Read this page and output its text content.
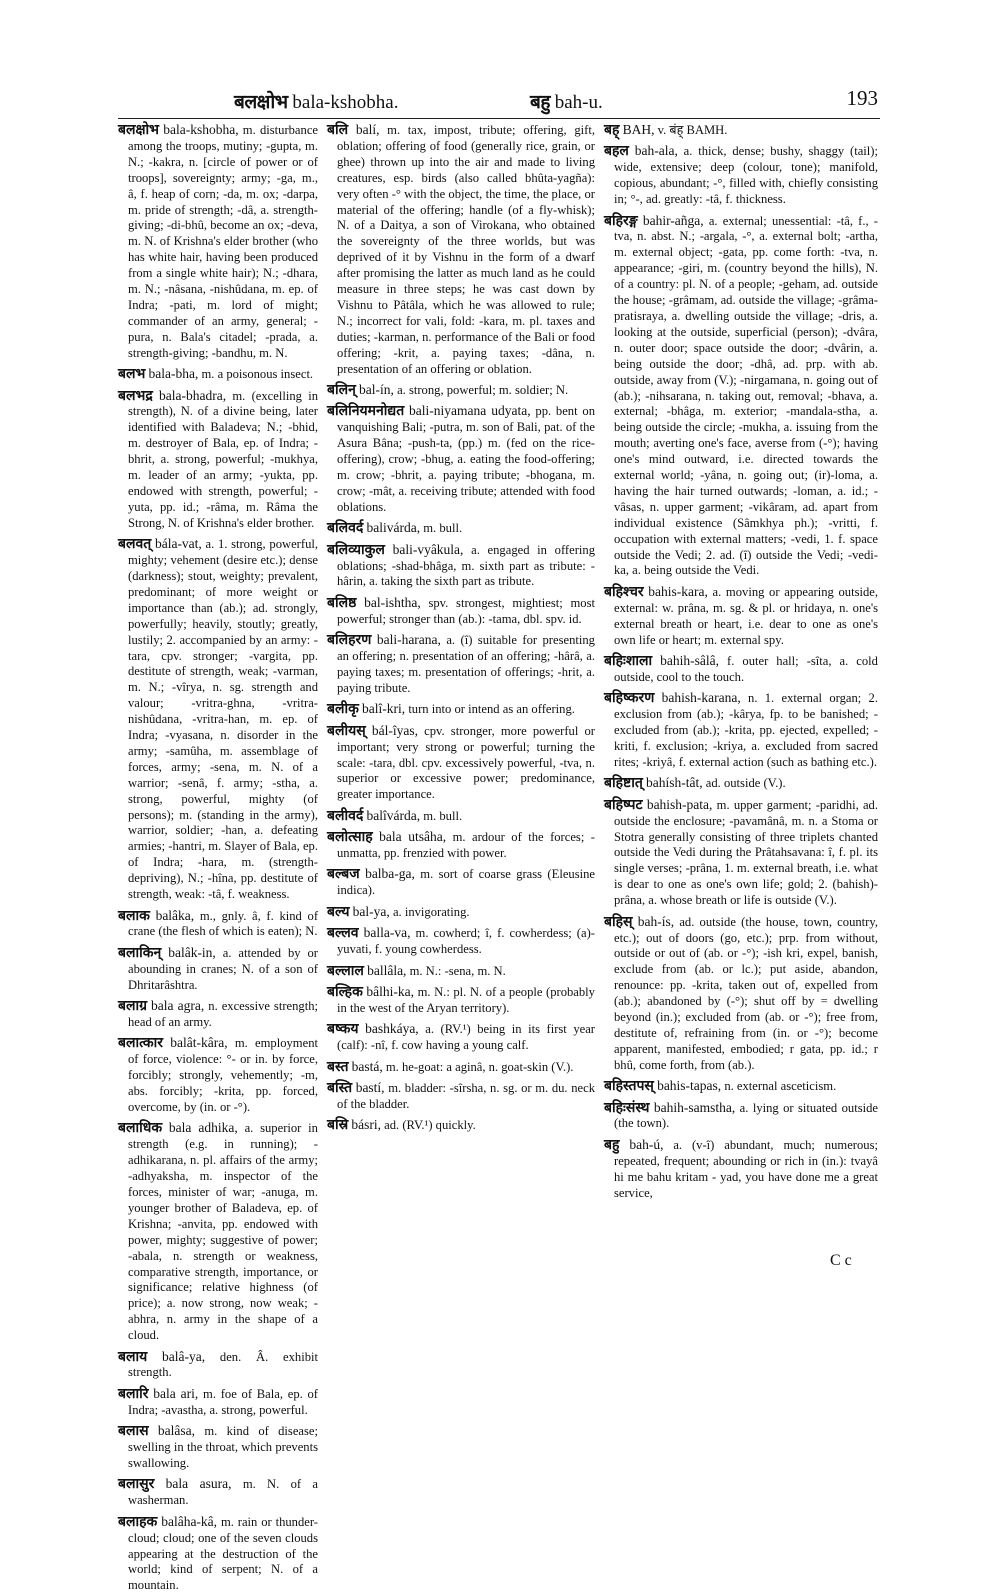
बलक्षोभ bala-kshobha.	बहु bah-u.	193

बलक्षोभ bala-kshobha, m. disturbance among the troops, mutiny; -gupta, m. N.; -kakra, n. [circle of power or of troops], sovereignty; army; -ga, m., â, f. heap of corn; -da, m. ox; -darpa, m. pride of strength; -dâ, a. strength-giving; -di-bhû, become an ox; -deva, m. N. of Krishna's elder brother (who has white hair, having been produced from a single white hair); N.; -dhara, m. N.; -nâsana, -nishûdana, m. ep. of Indra; -pati, m. lord of might; commander of an army, general; -pura, n. Bala's citadel; -prada, a. strength-giving; -bandhu, m. N.

बलभ bala-bha, m. a poisonous insect.

बलभद्र bala-bhadra, m. (excelling in strength), N. of a divine being, later identified with Baladeva; N.; -bhid, m. destroyer of Bala, ep. of Indra; -bhrit, a. strong, powerful; -mukhya, m. leader of an army; -yukta, pp. endowed with strength, powerful; -yuta, pp. id.; -râma, m. Râma the Strong, N. of Krishna's elder brother.

बलवत् bála-vat, a. 1. strong, powerful, mighty; vehement (desire etc.); dense (darkness); stout, weighty; prevalent, predominant; of more weight or importance than (ab.); ad. strongly, powerfully; heavily, stoutly; greatly, lustily; 2. accompanied by an army: -tara, cpv. stronger; -vargita, pp. destitute of strength, weak; -varman, m. N.; -vîrya, n. sg. strength and valour; -vritra-ghna, -vritra-nishûdana, -vritra-han, m. ep. of Indra; -vyasana, n. disorder in the army; -samûha, m. assemblage of forces, army; -sena, m. N. of a warrior; -senâ, f. army; -stha, a. strong, powerful, mighty (of persons); m. (standing in the army), warrior, soldier; -han, a. defeating armies; -hantri, m. Slayer of Bala, ep. of Indra; -hara, m. (strength-depriving), N.; -hîna, pp. destitute of strength, weak: -tâ, f. weakness.

बलाक balâka, m., gnly. â, f. kind of crane (the flesh of which is eaten); N.

बलाकिन् balâk-in, a. attended by or abounding in cranes; N. of a son of Dhritarâshtra.

बलाग्र bala agra, n. excessive strength; head of an army.

बलात्कार balât-kâra, m. employment of force, violence: °- or in. by force, forcibly; strongly, vehemently; -m, abs. forcibly; -krita, pp. forced, overcome, by (in. or -°).

बलाधिक bala adhika, a. superior in strength (e.g. in running); -adhikarana, n. pl. affairs of the army; -adhyaksha, m. inspector of the forces, minister of war; -anuga, m. younger brother of Baladeva, ep. of Krishna; -anvita, pp. endowed with power, mighty; suggestive of power; -abala, n. strength or weakness, comparative strength, importance, or significance; relative highness (of price); a. now strong, now weak; -abhra, n. army in the shape of a cloud.

बलाय balâ-ya, den. Â. exhibit strength.

बलारि bala ari, m. foe of Bala, ep. of Indra; -avastha, a. strong, powerful.

बलास balâsa, m. kind of disease; swelling in the throat, which prevents swallowing.

बलासुर bala asura, m. N. of a washerman.

बलाहक balâha-kâ, m. rain or thunder-cloud; cloud; one of the seven clouds appearing at the destruction of the world; kind of serpent; N. of a mountain.

बलि balí, m. tax, impost, tribute; offering, gift, oblation; offering of food (generally rice, grain, or ghee) thrown up into the air and made to living creatures, esp. birds (also called bhûta-yagña): very often -° with the object, the time, the place, or material of the offering; handle (of a fly-whisk); N. of a Daitya, a son of Virokana, who obtained the sovereignty of the three worlds, but was deprived of it by Vishnu in the form of a dwarf after promising the latter as much land as he could measure in three steps; he was cast down by Vishnu to Pâtâla, which he was allowed to rule; N.; incorrect for vali, fold: -kara, m. pl. taxes and duties; -karman, n. performance of the Bali or food offering; -krit, a. paying taxes; -dâna, n. presentation of an offering or oblation.

बलिन् bal-ín, a. strong, powerful; m. soldier; N.

बलिनियमनोद्यत bali-niyamana udyata, pp. bent on vanquishing Bali; -putra, m. son of Bali, pat. of the Asura Bâna; -push-ta, (pp.) m. (fed on the rice-offering), crow; -bhug, a. eating the food-offering; m. crow; -bhrit, a. paying tribute; -bhogana, m. crow; -mât, a. receiving tribute; attended with food oblations.

बलिवर्द balivárda, m. bull.

बलिव्याकुल bali-vyâkula, a. engaged in offering oblations; -shad-bhâga, m. sixth part as tribute: -hârin, a. taking the sixth part as tribute.

बलिष्ठ bal-ishtha, spv. strongest, mightiest; most powerful; stronger than (ab.): -tama, dbl. spv. id.

बलिहरण bali-harana, a. (î) suitable for presenting an offering; n. presentation of an offering; -hârâ, a. paying taxes; m. presentation of offerings; -hrit, a. paying tribute.

बलीकृ balî-kri, turn into or intend as an offering.

बलीयस् bál-îyas, cpv. stronger, more powerful or important; very strong or powerful; turning the scale: -tara, dbl. cpv. excessively powerful, -tva, n. superior or excessive power; predominance, greater importance.

बलीवर्द balîvárda, m. bull.

बलोत्साह bala utsâha, m. ardour of the forces; -unmatta, pp. frenzied with power.

बल्बज balba-ga, m. sort of coarse grass (Eleusine indica).

बल्य bal-ya, a. invigorating.

बल्लव balla-va, m. cowherd; î, f. cowherdess; (a)-yuvati, f. young cowherdess.

बल्लाल ballâla, m. N.: -sena, m. N.

बल्हिक bâlhi-ka, m. N.: pl. N. of a people (probably in the west of the Aryan territory).

बष्कय bashkáya, a. (RV.¹) being in its first year (calf): -nî, f. cow having a young calf.

बस्त bastá, m. he-goat: a aginâ, n. goat-skin (V.).

बस्ति bastí, m. bladder: -sîrsha, n. sg. or m. du. neck of the bladder.

बस्रि básri, ad. (RV.¹) quickly.

बह् BAH, v. बंह् BAMH.

बहल bah-ala, a. thick, dense; bushy, shaggy (tail); wide, extensive; deep (colour, tone); manifold, copious, abundant; -°, filled with, chiefly consisting in; °-, ad. greatly: -tâ, f. thickness.

बहिरङ्ग bahir-añga, a. external; unessential: -tâ, f., -tva, n. abst. N.; -argala, -°, a. external bolt; -artha, m. external object; -gata, pp. come forth: -tva, n. appearance; -giri, m. (country beyond the hills), N. of a country: pl. N. of a people; -geham, ad. outside the house; -grâmam, ad. outside the village; -grâma-pratisraya, a. dwelling outside the village; -dris, a. looking at the outside, superficial (person); -dvâra, n. outer door; space outside the door; -dvârin, a. being outside the door; -dhâ, ad. prp. with ab. outside, away from (V.); -nirgamana, n. going out of (ab.); -nihsarana, n. taking out, removal; -bhava, a. external; -bhâga, m. exterior; -mandala-stha, a. being outside the circle; -mukha, a. issuing from the mouth; averting one's face, averse from (-°); having one's mind outward, i.e. directed towards the external world; -yâna, n. going out; (ir)-loma, a. having the hair turned outwards; -loman, a. id.; -vâsas, n. upper garment; -vikâram, ad. apart from individual existence (Sâmkhya ph.); -vritti, f. occupation with external matters; -vedi, 1. f. space outside the Vedi; 2. ad. (î) outside the Vedi; -vedi-ka, a. being outside the Vedi.

बहिश्चर bahis-kara, a. moving or appearing outside, external: w. prâna, m. sg. & pl. or hridaya, n. one's external breath or heart, i.e. dear to one as one's own life or heart; m. external spy.

बहिःशाला bahih-sâlâ, f. outer hall; -sîta, a. cold outside, cool to the touch.

बहिष्करण bahish-karana, n. 1. external organ; 2. exclusion from (ab.); -kârya, fp. to be banished; - excluded from (ab.); -krita, pp. ejected, expelled; -kriti, f. exclusion; -kriya, a. excluded from sacred rites; -kriyâ, f. external action (such as bathing etc.).

बहिष्टात् bahísh-tât, ad. outside (V.).

बहिष्पट bahish-pata, m. upper garment; -paridhi, ad. outside the enclosure; -pavamânâ, m. n. a Stoma or Stotra generally consisting of three triplets chanted outside the Vedi during the Prâtahsavana: î, f. pl. its single verses; -prâna, 1. m. external breath, i.e. what is dear to one as one's own life; gold; 2. (bahish)-prâna, a. whose breath or life is outside (V.).

बहिस् bah-ís, ad. outside (the house, town, country, etc.); out of doors (go, etc.); prp. from without, outside or out of (ab. or -°); -ish kri, expel, banish, exclude from (ab. or lc.); put aside, abandon, renounce: pp. -krita, taken out of, expelled from (ab.); abandoned by (-°); shut off by = dwelling beyond (in.); excluded from (ab. or -°); free from, destitute of, refraining from (in. or -°); become apparent, manifested, embodied; r gata, pp. id.; r bhû, come forth, from (ab.).

बहिस्तपस् bahis-tapas, n. external asceticism.

बहिःसंस्थ bahih-samstha, a. lying or situated outside (the town).

बहु bah-ú, a. (v-î) abundant, much; numerous; repeated, frequent; abounding or rich in (in.): tvayâ hi me bahu kritam - yad, you have done me a great service,

C c
